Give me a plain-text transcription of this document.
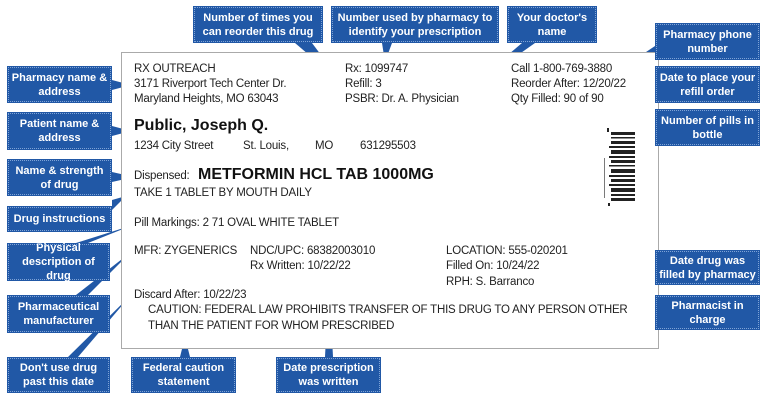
RX OUTREACH
3171 Riverport Tech Center Dr.
Maryland Heights, MO 63043
Rx: 1099747
Refill: 3
PSBR: Dr. A. Physician
Call 1-800-769-3880
Reorder After: 12/20/22
Qty Filled: 90 of 90
Public, Joseph Q.
1234 City Street	St. Louis, MO 631295503
Dispensed: METFORMIN HCL TAB 1000MG
TAKE 1 TABLET BY MOUTH DAILY
Pill Markings: 2 71 OVAL WHITE TABLET
MFR: ZYGENERICS NDC/UPC: 68382003010
Rx Written: 10/22/22
LOCATION: 555-020201
Filled On: 10/24/22
RPH: S. Barranco
Discard After: 10/22/23
CAUTION: FEDERAL LAW PROHIBITS TRANSFER OF THIS DRUG TO ANY PERSON OTHER
THAN THE PATIENT FOR WHOM PRESCRIBED
Number of times you can reorder this drug
Number used by pharmacy to identify your prescription
Your doctor's name	Pharmacy phone number
Date to place your refill order
Number of pills in bottle
Pharmacy name & address
Patient name & address
Name & strength of drug
Drug instructions
Physical description of drug
Pharmaceutical manufacturer
Don't use drug past this date
Federal caution statement
Date prescription was written
Date drug was filled by pharmacy
Pharmacist in charge
